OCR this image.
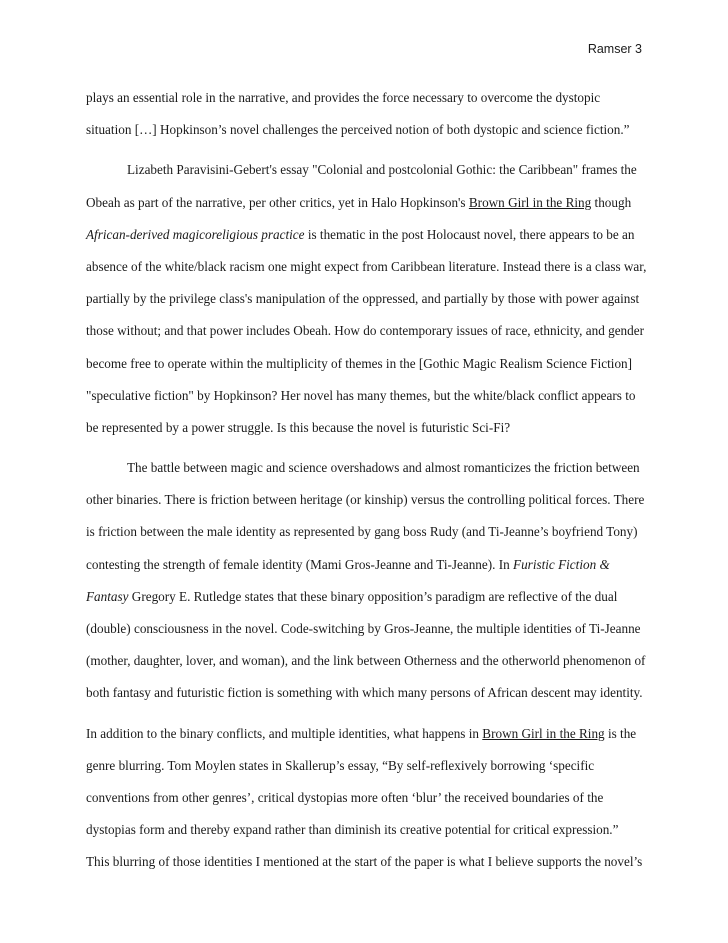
Ramser 3
plays an essential role in the narrative, and provides the force necessary to overcome the dystopic
situation […] Hopkinson’s novel challenges the perceived notion of both dystopic and science fiction.”
Lizabeth Paravisini-Gebert's essay "Colonial and postcolonial Gothic: the Caribbean" frames the
Obeah as part of the narrative, per other critics, yet in Halo Hopkinson's Brown Girl in the Ring though
African-derived magicoreligious practice is thematic in the post Holocaust novel, there appears to be an
absence of the white/black racism one might expect from Caribbean literature. Instead there is a class war,
partially by the privilege class's manipulation of the oppressed, and partially by those with power against
those without; and that power includes Obeah. How do contemporary issues of race, ethnicity, and gender
become free to operate within the multiplicity of themes in the [Gothic Magic Realism Science Fiction]
"speculative fiction" by Hopkinson? Her novel has many themes, but the white/black conflict appears to
be represented by a power struggle. Is this because the novel is futuristic Sci-Fi?
The battle between magic and science overshadows and almost romanticizes the friction between
other binaries. There is friction between heritage (or kinship) versus the controlling political forces. There
is friction between the male identity as represented by gang boss Rudy (and Ti-Jeanne’s boyfriend Tony)
contesting the strength of female identity (Mami Gros-Jeanne and Ti-Jeanne). In Furistic Fiction &
Fantasy Gregory E. Rutledge states that these binary opposition’s paradigm are reflective of the dual
(double) consciousness in the novel. Code-switching by Gros-Jeanne, the multiple identities of Ti-Jeanne
(mother, daughter, lover, and woman), and the link between Otherness and the otherworld phenomenon of
both fantasy and futuristic fiction is something with which many persons of African descent may identity.
In addition to the binary conflicts, and multiple identities, what happens in Brown Girl in the Ring is the
genre blurring. Tom Moylen states in Skallerup’s essay, “By self-reflexively borrowing ‘specific
conventions from other genres’, critical dystopias more often ‘blur’ the received boundaries of the
dystopias form and thereby expand rather than diminish its creative potential for critical expression.”
This blurring of those identities I mentioned at the start of the paper is what I believe supports the novel’s
